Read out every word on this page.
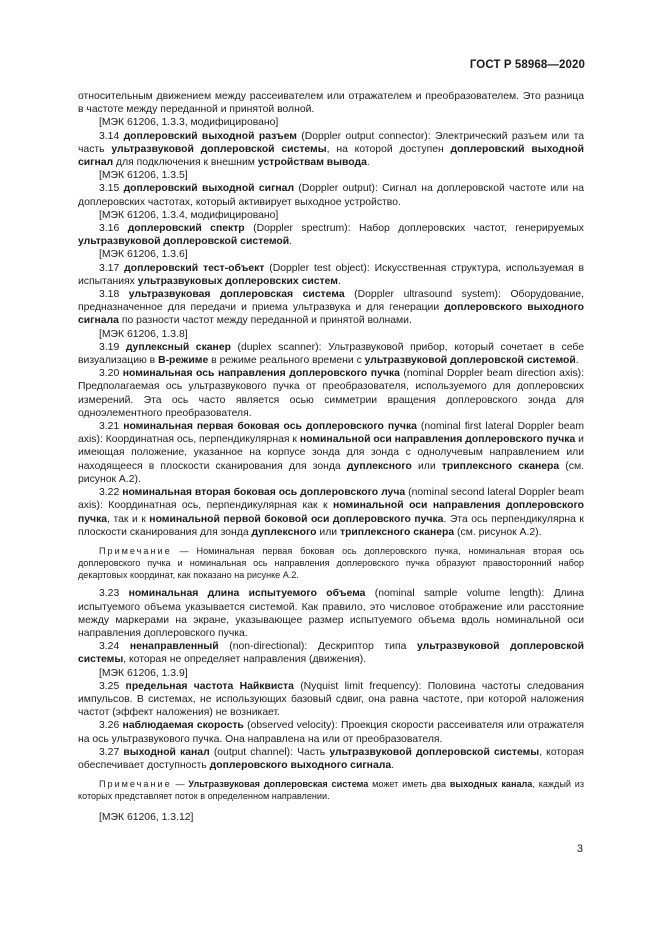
ГОСТ Р 58968—2020

относительным движением между рассеивателем или отражателем и преобразователем. Это разница в частоте между переданной и принятой волной.

[МЭК 61206, 1.3.3, модифицировано]

3.14 доплеровский выходной разъем (Doppler output connector): Электрический разъем или та часть ультразвуковой доплеровской системы, на которой доступен доплеровский выходной сигнал для подключения к внешним устройствам вывода.

[МЭК 61206, 1.3.5]

3.15 доплеровский выходной сигнал (Doppler output): Сигнал на доплеровской частоте или на доплеровских частотах, который активирует выходное устройство.

[МЭК 61206, 1.3.4, модифицировано]

3.16 доплеровский спектр (Doppler spectrum): Набор доплеровских частот, генерируемых ультразвуковой доплеровской системой.

[МЭК 61206, 1.3.6]

3.17 доплеровский тест-объект (Doppler test object): Искусственная структура, используемая в испытаниях ультразвуковых доплеровских систем.

3.18 ультразвуковая доплеровская система (Doppler ultrasound system): Оборудование, предназначенное для передачи и приема ультразвука и для генерации доплеровского выходного сигнала по разности частот между переданной и принятой волнами.

[МЭК 61206, 1.3.8]

3.19 дуплексный сканер (duplex scanner): Ультразвуковой прибор, который сочетает в себе визуализацию в В-режиме в режиме реального времени с ультразвуковой доплеровской системой.

3.20 номинальная ось направления доплеровского пучка (nominal Doppler beam direction axis): Предполагаемая ось ультразвукового пучка от преобразователя, используемого для доплеровских измерений. Эта ось часто является осью симметрии вращения доплеровского зонда для одноэлементного преобразователя.

3.21 номинальная первая боковая ось доплеровского пучка (nominal first lateral Doppler beam axis): Координатная ось, перпендикулярная к номинальной оси направления доплеровского пучка и имеющая положение, указанное на корпусе зонда для зонда с однолучевым направлением или находящееся в плоскости сканирования для зонда дуплексного или триплексного сканера (см. рисунок А.2).

3.22 номинальная вторая боковая ось доплеровского луча (nominal second lateral Doppler beam axis): Координатная ось, перпендикулярная как к номинальной оси направления доплеровского пучка, так и к номинальной первой боковой оси доплеровского пучка. Эта ось перпендикулярна к плоскости сканирования для зонда дуплексного или триплексного сканера (см. рисунок А.2).

Примечание — Номинальная первая боковая ось доплеровского пучка, номинальная вторая ось доплеровского пучка и номинальная ось направления доплеровского пучка образуют правосторонний набор декартовых координат, как показано на рисунке А.2.

3.23 номинальная длина испытуемого объема (nominal sample volume length): Длина испытуемого объема указывается системой. Как правило, это числовое отображение или расстояние между маркерами на экране, указывающее размер испытуемого объема вдоль номинальной оси направления доплеровского пучка.

3.24 ненаправленный (non-directional): Дескриптор типа ультразвуковой доплеровской системы, которая не определяет направления (движения).

[МЭК 61206, 1.3.9]

3.25 предельная частота Найквиста (Nyquist limit frequency): Половина частоты следования импульсов. В системах, не использующих базовый сдвиг, она равна частоте, при которой наложения частот (эффект наложения) не возникает.

3.26 наблюдаемая скорость (observed velocity): Проекция скорости рассеивателя или отражателя на ось ультразвукового пучка. Она направлена на или от преобразователя.

3.27 выходной канал (output channel): Часть ультразвуковой доплеровской системы, которая обеспечивает доступность доплеровского выходного сигнала.

Примечание — Ультразвуковая доплеровская система может иметь два выходных канала, каждый из которых представляет поток в определенном направлении.

[МЭК 61206, 1.3.12]

3
